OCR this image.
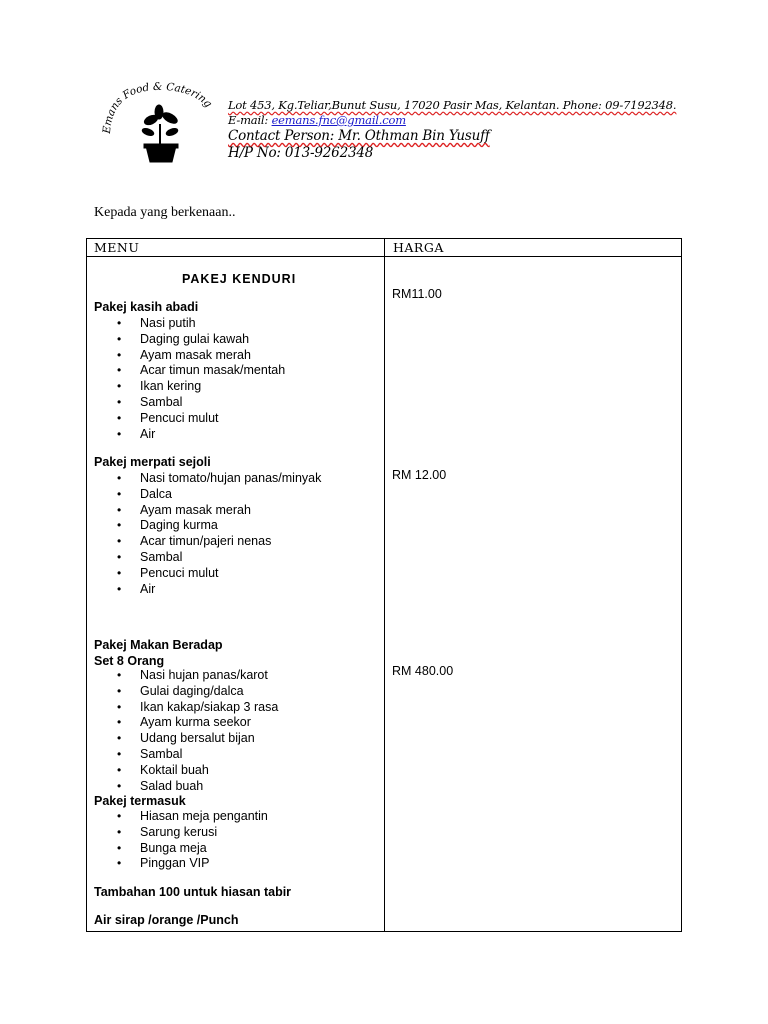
Emans Food & Catering Lot 453, Kg.Teliar,Bunut Susu, 17020 Pasir Mas, Kelantan. Phone: 09-7192348.
E-mail: eemans.fnc@gmail.com
Contact Person: Mr. Othman Bin Yusuff
H/P No: 013-9262348
Kepada yang berkenaan..
MENU	HARGA
PAKEJ KENDURI
Pakej kasih abadi
• Nasi putih
• Daging gulai kawah
• Ayam masak merah
• Acar timun masak/mentah
• Ikan kering
• Sambal
• Pencuci mulut
• Air
RM11.00
Pakej merpati sejoli
• Nasi tomato/hujan panas/minyak
• Dalca
• Ayam masak merah
• Daging kurma
• Acar timun/pajeri nenas
• Sambal
• Pencuci mulut
• Air
RM 12.00
Pakej Makan Beradap
Set 8 Orang
• Nasi hujan panas/karot
• Gulai daging/dalca
• Ikan kakap/siakap 3 rasa
• Ayam kurma seekor
• Udang bersalut bijan
• Sambal
• Koktail buah
• Salad buah
RM 480.00
Pakej termasuk
• Hiasan meja pengantin
• Sarung kerusi
• Bunga meja
• Pinggan VIP
Tambahan 100 untuk hiasan tabir
Air sirap /orange /Punch
